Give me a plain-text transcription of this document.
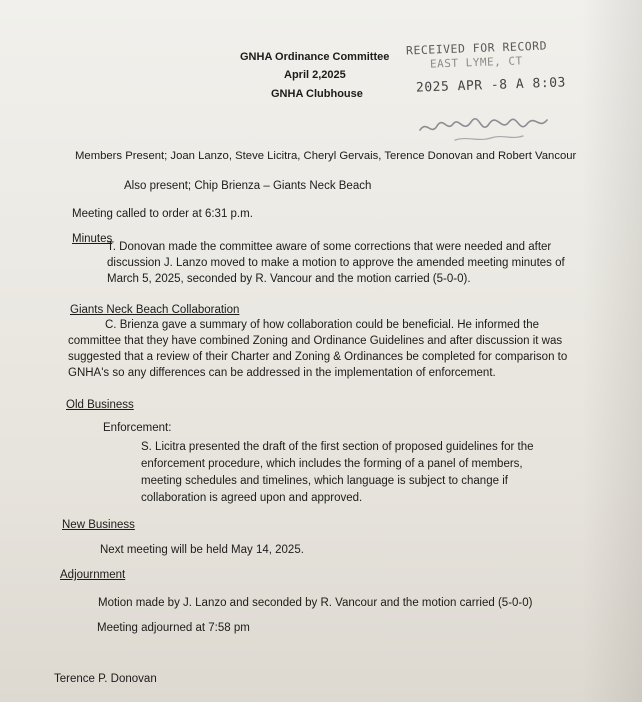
GNHA Ordinance Committee
April 2,2025
GNHA Clubhouse
RECEIVED FOR RECORD
EAST LYME, CT
2025 APR -8 A 8:03
Members Present; Joan Lanzo, Steve Licitra, Cheryl Gervais, Terence Donovan and Robert Vancour
Also present; Chip Brienza – Giants Neck Beach
Meeting called to order at 6:31 p.m.
Minutes
T. Donovan made the committee aware of some corrections that were needed and after
discussion J. Lanzo moved to make a motion to approve the amended meeting minutes of
March 5, 2025, seconded by R. Vancour and the motion carried (5-0-0).
Giants Neck Beach Collaboration
C. Brienza gave a summary of how collaboration could be beneficial. He informed the
committee that they have combined Zoning and Ordinance Guidelines and after discussion it was
suggested that a review of their Charter and Zoning & Ordinances be completed for comparison to
GNHA's so any differences can be addressed in the implementation of enforcement.
Old Business
Enforcement:
S. Licitra presented the draft of the first section of proposed guidelines for the
enforcement procedure, which includes the forming of a panel of members,
meeting schedules and timelines, which language is subject to change if
collaboration is agreed upon and approved.
New Business
Next meeting will be held May 14, 2025.
Adjournment
Motion made by J. Lanzo and seconded by R. Vancour and the motion carried (5-0-0)
Meeting adjourned at 7:58 pm
Terence P. Donovan
